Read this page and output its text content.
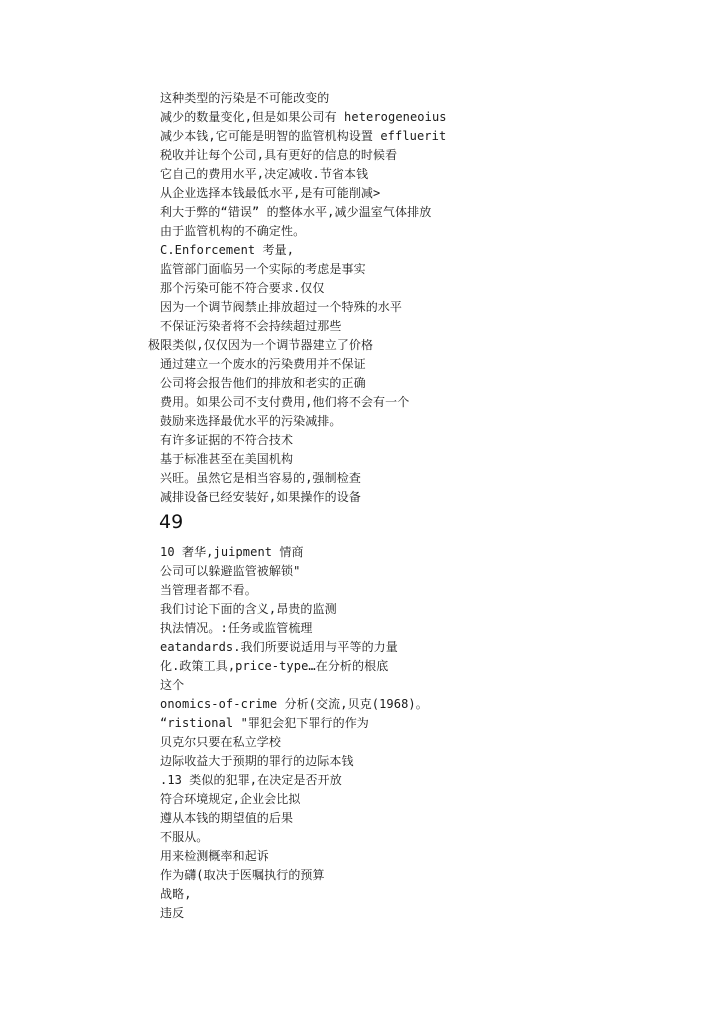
这种类型的污染是不可能改变的
减少的数量变化,但是如果公司有 heterogeneoius
减少本钱,它可能是明智的监管机构设置 effluerit
税收并让每个公司,具有更好的信息的时候看
它自己的费用水平,决定减收.节省本钱
从企业选择本钱最低水平,是有可能削减>
利大于弊的“错误” 的整体水平,减少温室气体排放
由于监管机构的不确定性。
C.Enforcement 考量,
监管部门面临另一个实际的考虑是事实
那个污染可能不符合要求.仅仅
因为一个调节阀禁止排放超过一个特殊的水平
不保证污染者将不会持续超过那些
极限类似,仅仅因为一个调节器建立了价格
通过建立一个废水的污染费用并不保证
公司将会报告他们的排放和老实的正确
费用。如果公司不支付费用,他们将不会有一个
鼓励来选择最优水平的污染减排。
有许多证据的不符合技术
基于标准甚至在美国机构
兴旺。虽然它是相当容易的,强制检查
减排设备已经安装好,如果操作的设备
49
10 奢华,juipment 情商
公司可以躲避监管被解锁"
当管理者都不看。
我们讨论下面的含义,昂贵的监测
执法情况。:任务或监管梳理
eatandards.我们所要说适用与平等的力量
化.政策工具,price-type…在分析的根底
这个
onomics-of-crime 分析(交流,贝克(1968)。
“ristional "罪犯会犯下罪行的作为
贝克尔只要在私立学校
边际收益大于预期的罪行的边际本钱
.13 类似的犯罪,在决定是否开放
符合环境规定,企业会比拟
遵从本钱的期望值的后果
不服从。
用来检测概率和起诉
作为礴(取决于医嘱执行的预算
战略,
违反
